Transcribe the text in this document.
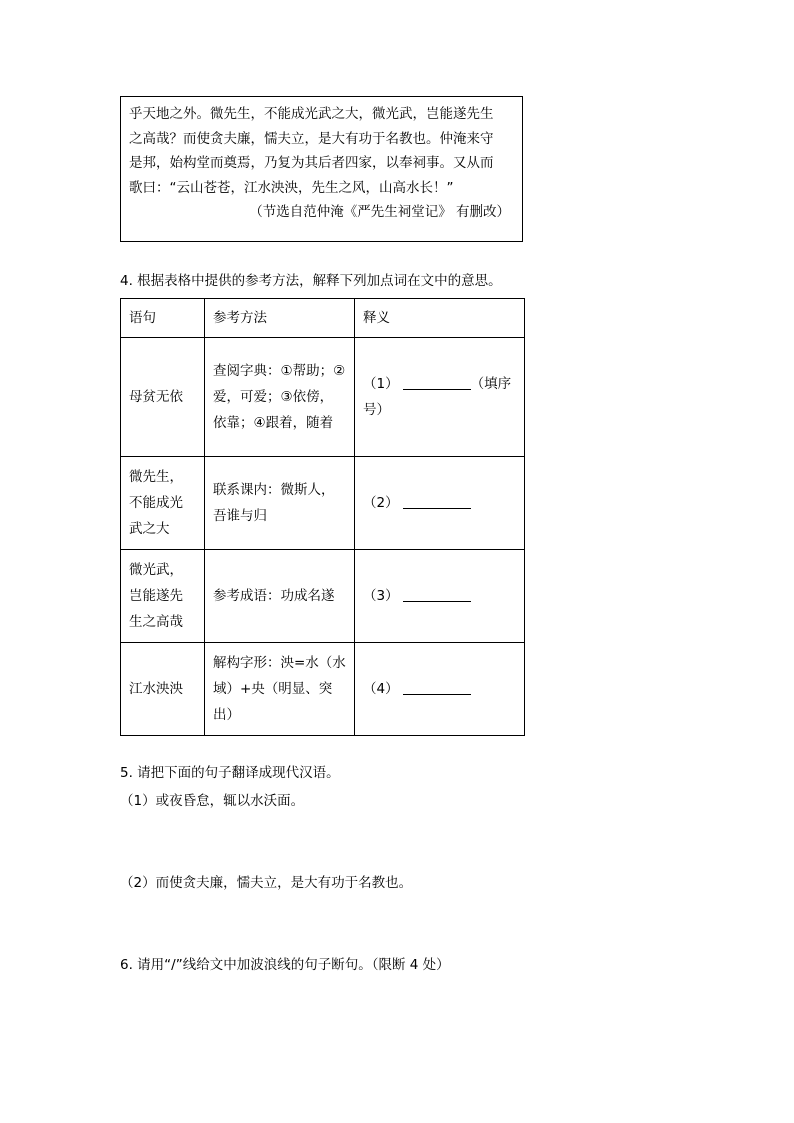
乎天地之外。微先生，不能成光武之大，微光武，岂能遂先生
之高哉？而使贪夫廉，懦夫立，是大有功于名教也。仲淹来守
是邦，始构堂而奠焉，乃复为其后者四家，以奉祠事。又从而
歌曰：“云山苍苍，江水泱泱，先生之风，山高水长！”
（节选自范仲淹《严先生祠堂记》 有删改）
4. 根据表格中提供的参考方法，解释下列加点词在文中的意思。
语句	参考方法	释义
母贫无依	查阅字典：①帮助；②爱，可爱；③依傍，依靠；④跟着，随着	（1） （填序号）
微先生，不能成光武之大	联系课内：微斯人，吾谁与归	（2）
微光武，岂能遂先生之高哉	参考成语：功成名遂	（3）
江水泱泱	解构字形：泱=水（水域）+央（明显、突出）	（4）
5. 请把下面的句子翻译成现代汉语。
（1）或夜昏怠，辄以水沃面。
（2）而使贪夫廉，懦夫立，是大有功于名教也。
6. 请用“/”线给文中加波浪线的句子断句。（限断 4 处）
